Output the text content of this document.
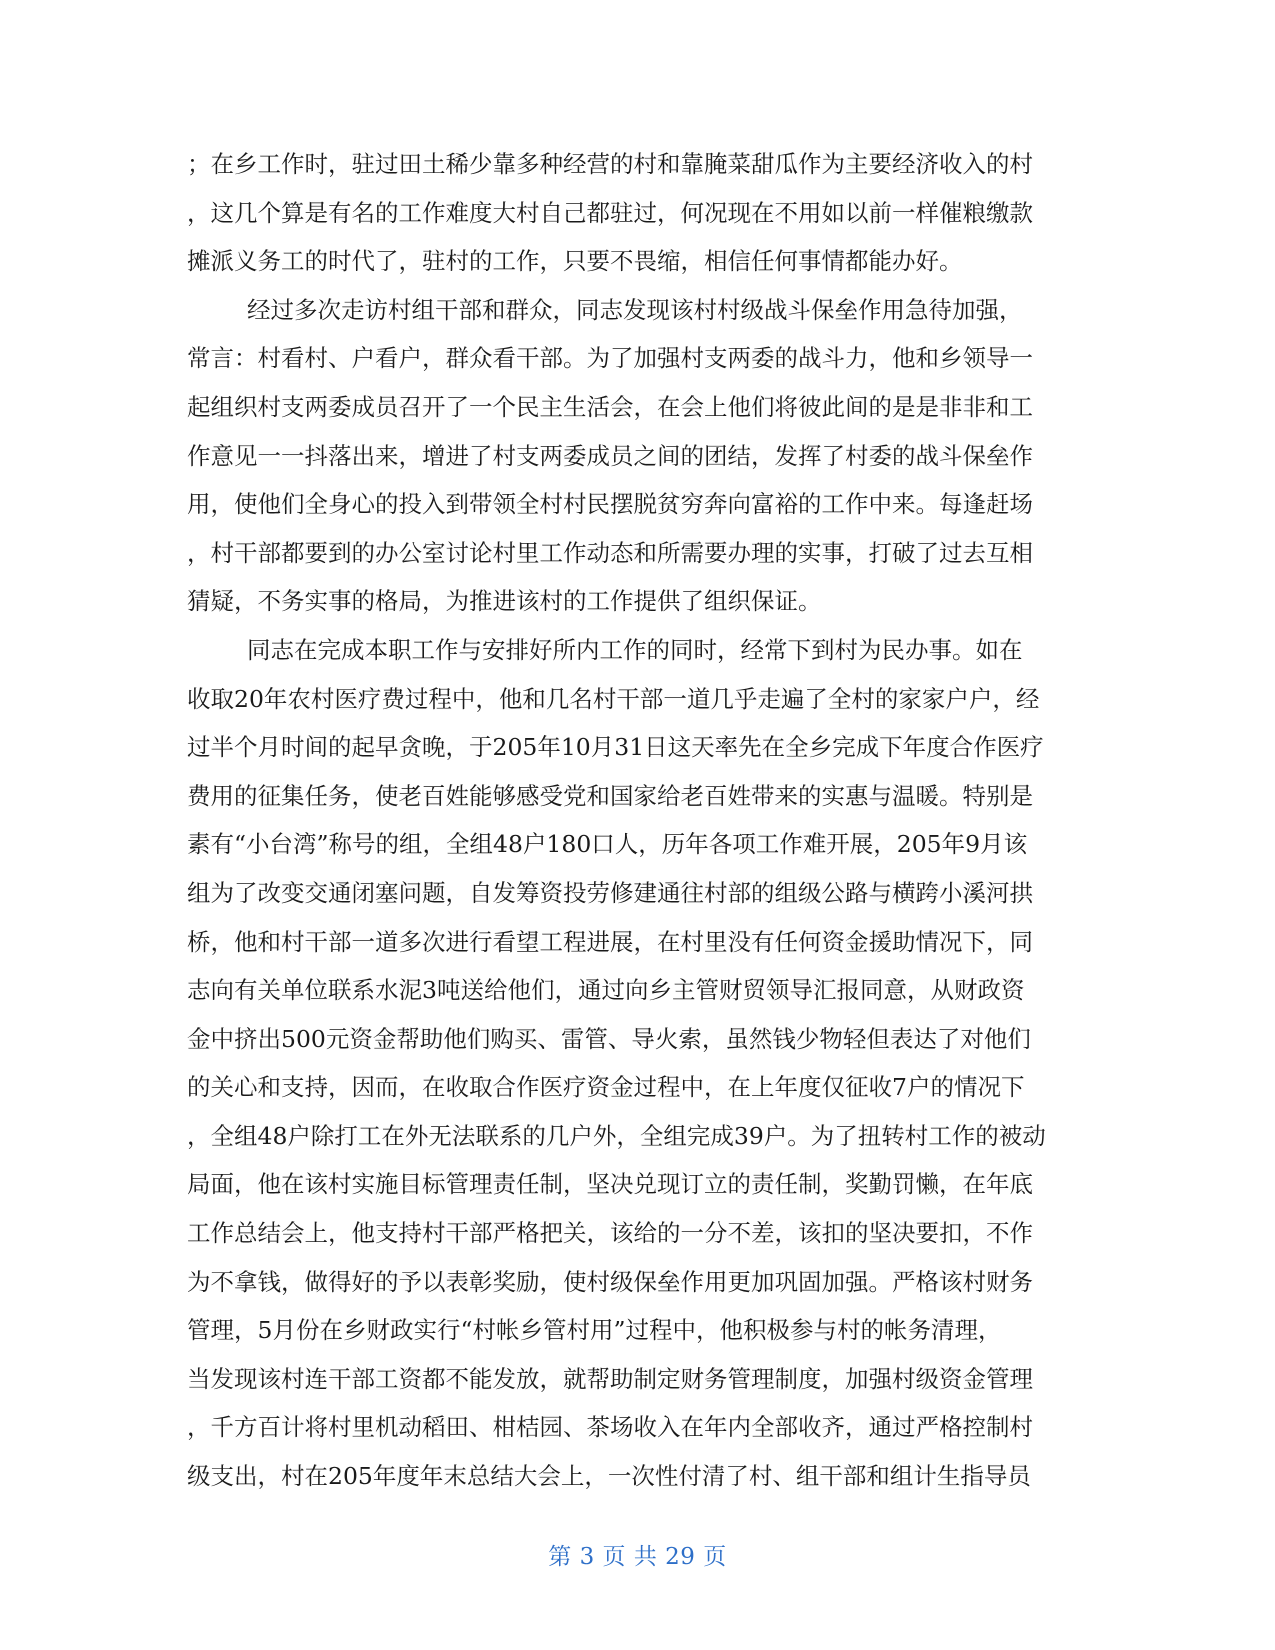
；在乡工作时，驻过田土稀少靠多种经营的村和靠腌菜甜瓜作为主要经济收入的村
，这几个算是有名的工作难度大村自己都驻过，何况现在不用如以前一样催粮缴款
摊派义务工的时代了，驻村的工作，只要不畏缩，相信任何事情都能办好。
经过多次走访村组干部和群众，同志发现该村村级战斗保垒作用急待加强，
常言：村看村、户看户，群众看干部。为了加强村支两委的战斗力，他和乡领导一
起组织村支两委成员召开了一个民主生活会，在会上他们将彼此间的是是非非和工
作意见一一抖落出来，增进了村支两委成员之间的团结，发挥了村委的战斗保垒作
用，使他们全身心的投入到带领全村村民摆脱贫穷奔向富裕的工作中来。每逢赶场
，村干部都要到的办公室讨论村里工作动态和所需要办理的实事，打破了过去互相
猜疑，不务实事的格局，为推进该村的工作提供了组织保证。
同志在完成本职工作与安排好所内工作的同时，经常下到村为民办事。如在
收取20年农村医疗费过程中，他和几名村干部一道几乎走遍了全村的家家户户，经
过半个月时间的起早贪晚，于205年10月31日这天率先在全乡完成下年度合作医疗
费用的征集任务，使老百姓能够感受党和国家给老百姓带来的实惠与温暖。特别是
素有“小台湾”称号的组，全组48户180口人，历年各项工作难开展，205年9月该
组为了改变交通闭塞问题，自发筹资投劳修建通往村部的组级公路与横跨小溪河拱
桥，他和村干部一道多次进行看望工程进展，在村里没有任何资金援助情况下，同
志向有关单位联系水泥3吨送给他们，通过向乡主管财贸领导汇报同意，从财政资
金中挤出500元资金帮助他们购买、雷管、导火索，虽然钱少物轻但表达了对他们
的关心和支持，因而，在收取合作医疗资金过程中，在上年度仅征收7户的情况下
，全组48户除打工在外无法联系的几户外，全组完成39户。为了扭转村工作的被动
局面，他在该村实施目标管理责任制，坚决兑现订立的责任制，奖勤罚懒，在年底
工作总结会上，他支持村干部严格把关，该给的一分不差，该扣的坚决要扣，不作
为不拿钱，做得好的予以表彰奖励，使村级保垒作用更加巩固加强。严格该村财务
管理，5月份在乡财政实行“村帐乡管村用”过程中，他积极参与村的帐务清理，
当发现该村连干部工资都不能发放，就帮助制定财务管理制度，加强村级资金管理
，千方百计将村里机动稻田、柑桔园、茶场收入在年内全部收齐，通过严格控制村
级支出，村在205年度年末总结大会上，一次性付清了村、组干部和组计生指导员
第 3 页 共 29 页
